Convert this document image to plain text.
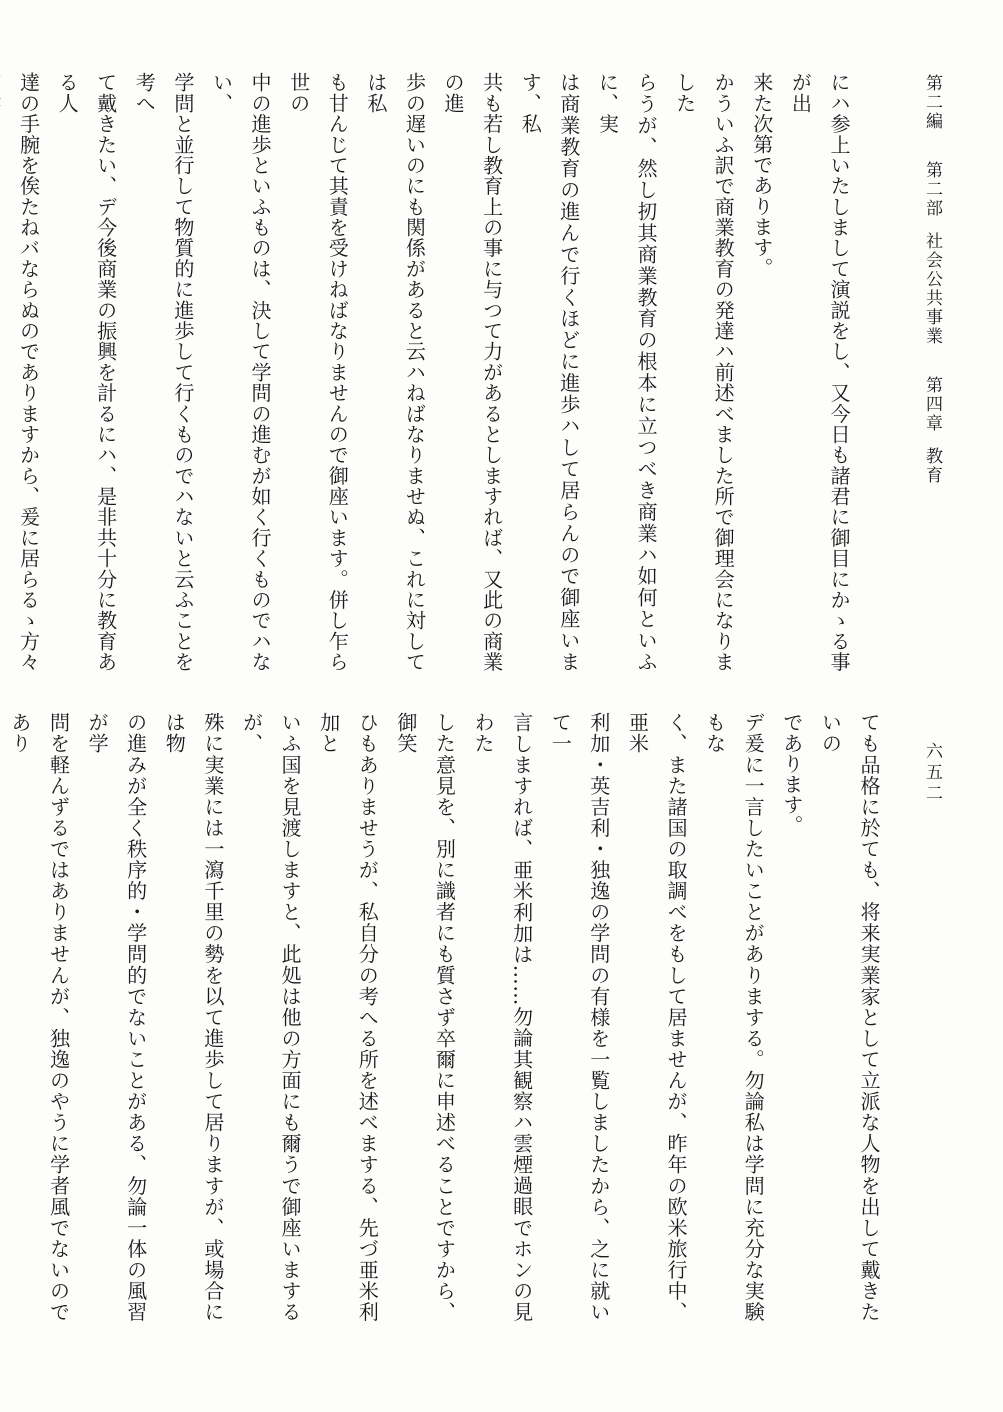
第二編第二部社会公共事業第四章教育
六五二
にハ参上いたしまして演説をし、又今日も諸君に御目にかゝる事が出
来た次第であります。
かういふ訳で商業教育の発達ハ前述べました所で御理会になりました
らうが、然し扨其商業教育の根本に立つべき商業ハ如何といふに、実
は商業教育の進んで行くほどに進歩ハして居らんので御座います、私
共も若し教育上の事に与つて力があるとしますれば、又此の商業の進
歩の遅いのにも関係があると云ハねばなりませぬ、これに対しては私
も甘んじて其責を受けねばなりませんので御座います。併し乍ら世の
中の進歩といふものは、決して学問の進むが如く行くものでハない、
学問と並行して物質的に進歩して行くものでハないと云ふことを考へ
て戴きたい、デ今後商業の振興を計るにハ、是非共十分に教育ある人
達の手腕を俟たねバならぬのでありますから、爰に居らるゝ方々
ても品格に於ても、将来実業家として立派な人物を出して戴きたいの
であります。
デ爰に一言したいことがありまする。勿論私は学問に充分な実験もな
く、また諸国の取調べをもして居ませんが、昨年の欧米旅行中、亜米
利加・英吉利・独逸の学問の有様を一覧しましたから、之に就いて一
言しますれば、亜米利加は……勿論其観察ハ雲煙過眼でホンの見わた
した意見を、別に識者にも質さず卒爾に申述べることですから、御笑
ひもありませうが、私自分の考へる所を述べまする、先づ亜米利加と
いふ国を見渡しますと、此処は他の方面にも爾うで御座いまするが、
殊に実業には一瀉千里の勢を以て進歩して居りますが、或場合には物
の進みが全く秩序的・学問的でないことがある、勿論一体の風習が学
問を軽んずるではありませんが、独逸のやうに学者風でないのであり
